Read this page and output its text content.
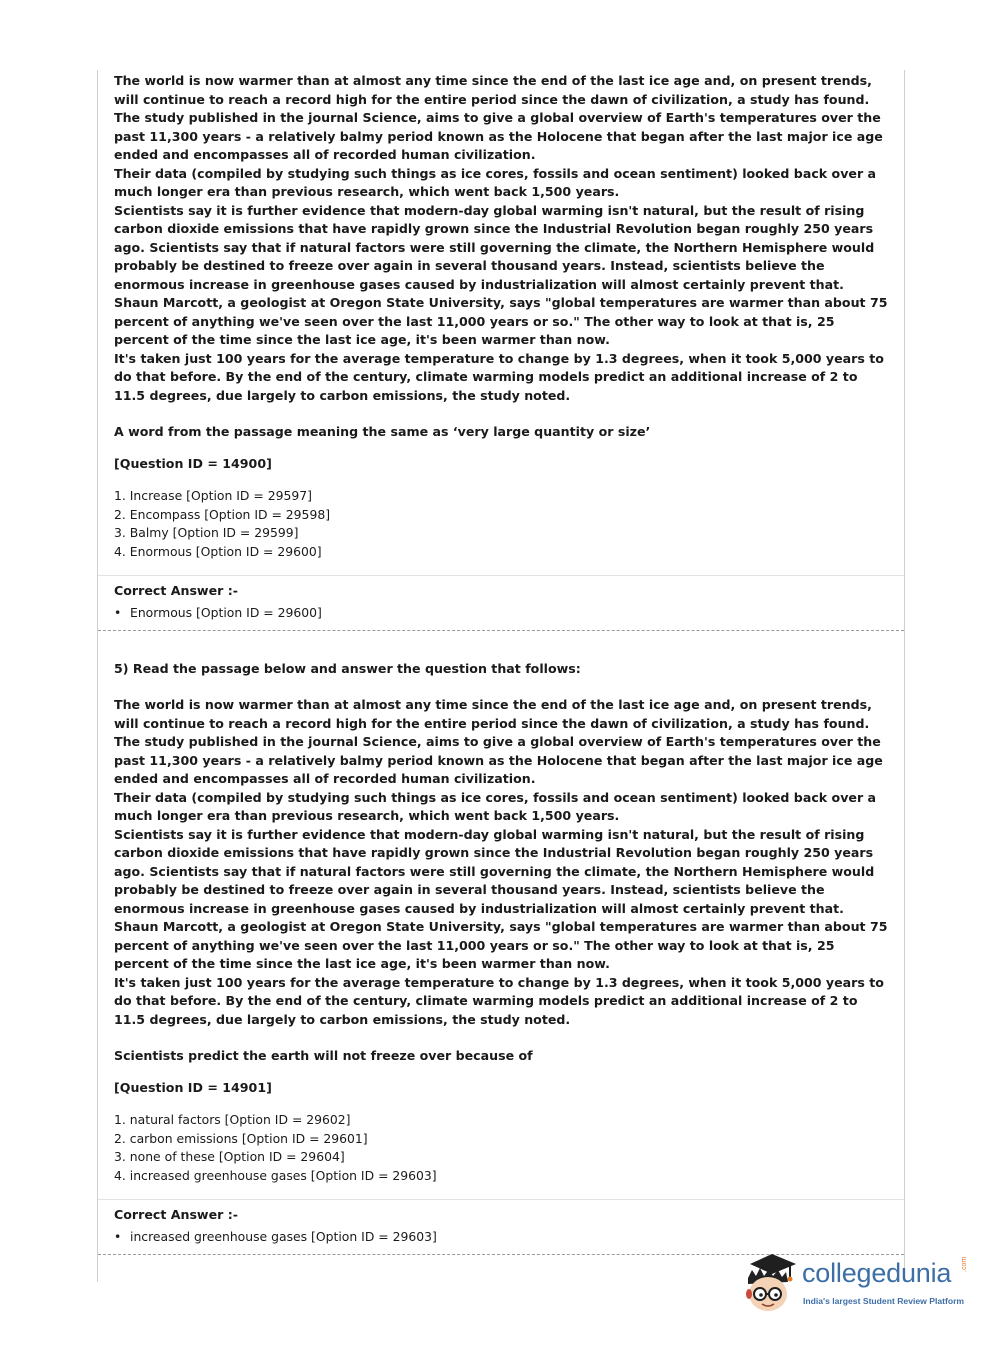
The world is now warmer than at almost any time since the end of the last ice age and, on present trends, will continue to reach a record high for the entire period since the dawn of civilization, a study has found.

The study published in the journal Science, aims to give a global overview of Earth's temperatures over the past 11,300 years - a relatively balmy period known as the Holocene that began after the last major ice age ended and encompasses all of recorded human civilization.

Their data (compiled by studying such things as ice cores, fossils and ocean sentiment) looked back over a much longer era than previous research, which went back 1,500 years.

Scientists say it is further evidence that modern-day global warming isn't natural, but the result of rising carbon dioxide emissions that have rapidly grown since the Industrial Revolution began roughly 250 years ago. Scientists say that if natural factors were still governing the climate, the Northern Hemisphere would probably be destined to freeze over again in several thousand years. Instead, scientists believe the enormous increase in greenhouse gases caused by industrialization will almost certainly prevent that.

Shaun Marcott, a geologist at Oregon State University, says "global temperatures are warmer than about 75 percent of anything we've seen over the last 11,000 years or so." The other way to look at that is, 25 percent of the time since the last ice age, it's been warmer than now.

It's taken just 100 years for the average temperature to change by 1.3 degrees, when it took 5,000 years to do that before. By the end of the century, climate warming models predict an additional increase of 2 to 11.5 degrees, due largely to carbon emissions, the study noted.

A word from the passage meaning the same as ‘very large quantity or size’

[Question ID = 14900]

1. Increase [Option ID = 29597]
2. Encompass [Option ID = 29598]
3. Balmy [Option ID = 29599]
4. Enormous [Option ID = 29600]

Correct Answer :-

• Enormous [Option ID = 29600]

5) Read the passage below and answer the question that follows:

The world is now warmer than at almost any time since the end of the last ice age and, on present trends, will continue to reach a record high for the entire period since the dawn of civilization, a study has found.

The study published in the journal Science, aims to give a global overview of Earth's temperatures over the past 11,300 years - a relatively balmy period known as the Holocene that began after the last major ice age ended and encompasses all of recorded human civilization.

Their data (compiled by studying such things as ice cores, fossils and ocean sentiment) looked back over a much longer era than previous research, which went back 1,500 years.

Scientists say it is further evidence that modern-day global warming isn't natural, but the result of rising carbon dioxide emissions that have rapidly grown since the Industrial Revolution began roughly 250 years ago. Scientists say that if natural factors were still governing the climate, the Northern Hemisphere would probably be destined to freeze over again in several thousand years. Instead, scientists believe the enormous increase in greenhouse gases caused by industrialization will almost certainly prevent that.

Shaun Marcott, a geologist at Oregon State University, says "global temperatures are warmer than about 75 percent of anything we've seen over the last 11,000 years or so." The other way to look at that is, 25 percent of the time since the last ice age, it's been warmer than now.

It's taken just 100 years for the average temperature to change by 1.3 degrees, when it took 5,000 years to do that before. By the end of the century, climate warming models predict an additional increase of 2 to 11.5 degrees, due largely to carbon emissions, the study noted.

Scientists predict the earth will not freeze over because of

[Question ID = 14901]

1. natural factors [Option ID = 29602]
2. carbon emissions [Option ID = 29601]
3. none of these [Option ID = 29604]
4. increased greenhouse gases [Option ID = 29603]

Correct Answer :-

• increased greenhouse gases [Option ID = 29603]
collegedunia .com
India's largest Student Review Platform
